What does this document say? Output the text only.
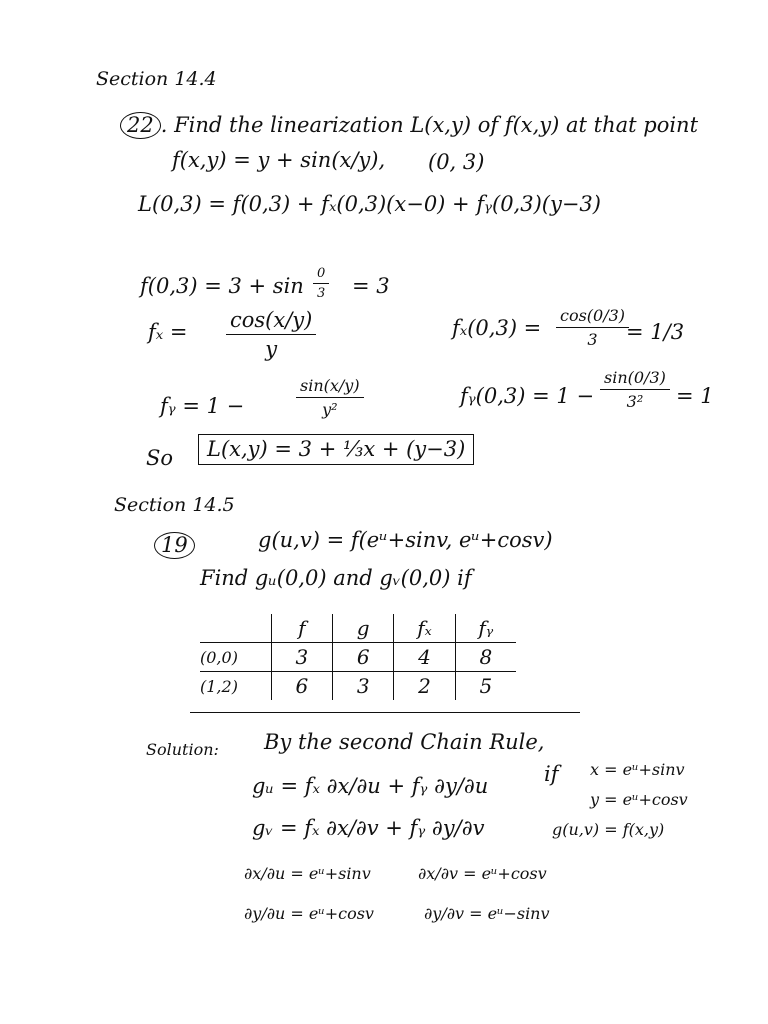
Section 14.4
22 . Find the linearization L(x,y) of f(x,y) at that point
f(x,y) = y + sin(x/y), (0, 3)
L(0,3) = f(0,3) + fₓ(0,3)(x−0) + fᵧ(0,3)(y−3)
$f(0,3) = 3 + \sin \frac{0}{3} = 3$
$f_x = \frac{\cos(x/y)}{y}$	$f_x(0,3) = \frac{\cos(0/3)}{3}$
= 1/3
fᵧ = 1 −	$\frac{\sin(x/y)}{\text{y²}}$	fᵧ(0,3) = $1 - \frac{\sin(0/3)}{\text{3²}} = 1$
So	L(x,y) = 3 + ⅓x + (y−3)
Section 14.5
19	g(u,v) = f(eᵘ+sinv, eᵘ+cosv)
Find gᵤ(0,0) and gᵥ(0,0) if
	f	g	fₓ	fᵧ
(0,0)	3	6	4	8
(1,2)	6	3	2	5
Solution: By the second Chain Rule,
gᵤ = fₓ ∂x/∂u + fᵧ ∂y/∂u
gᵥ = fₓ ∂x/∂v + fᵧ ∂y/∂v
if x = eᵘ+sinv
y = eᵘ+cosv
g(u,v) = f(x,y)
∂x/∂u = eᵘ+sinv	∂x/∂v = eᵘ+cosv
∂y/∂u = eᵘ+cosv	∂y/∂v = eᵘ−sinv
